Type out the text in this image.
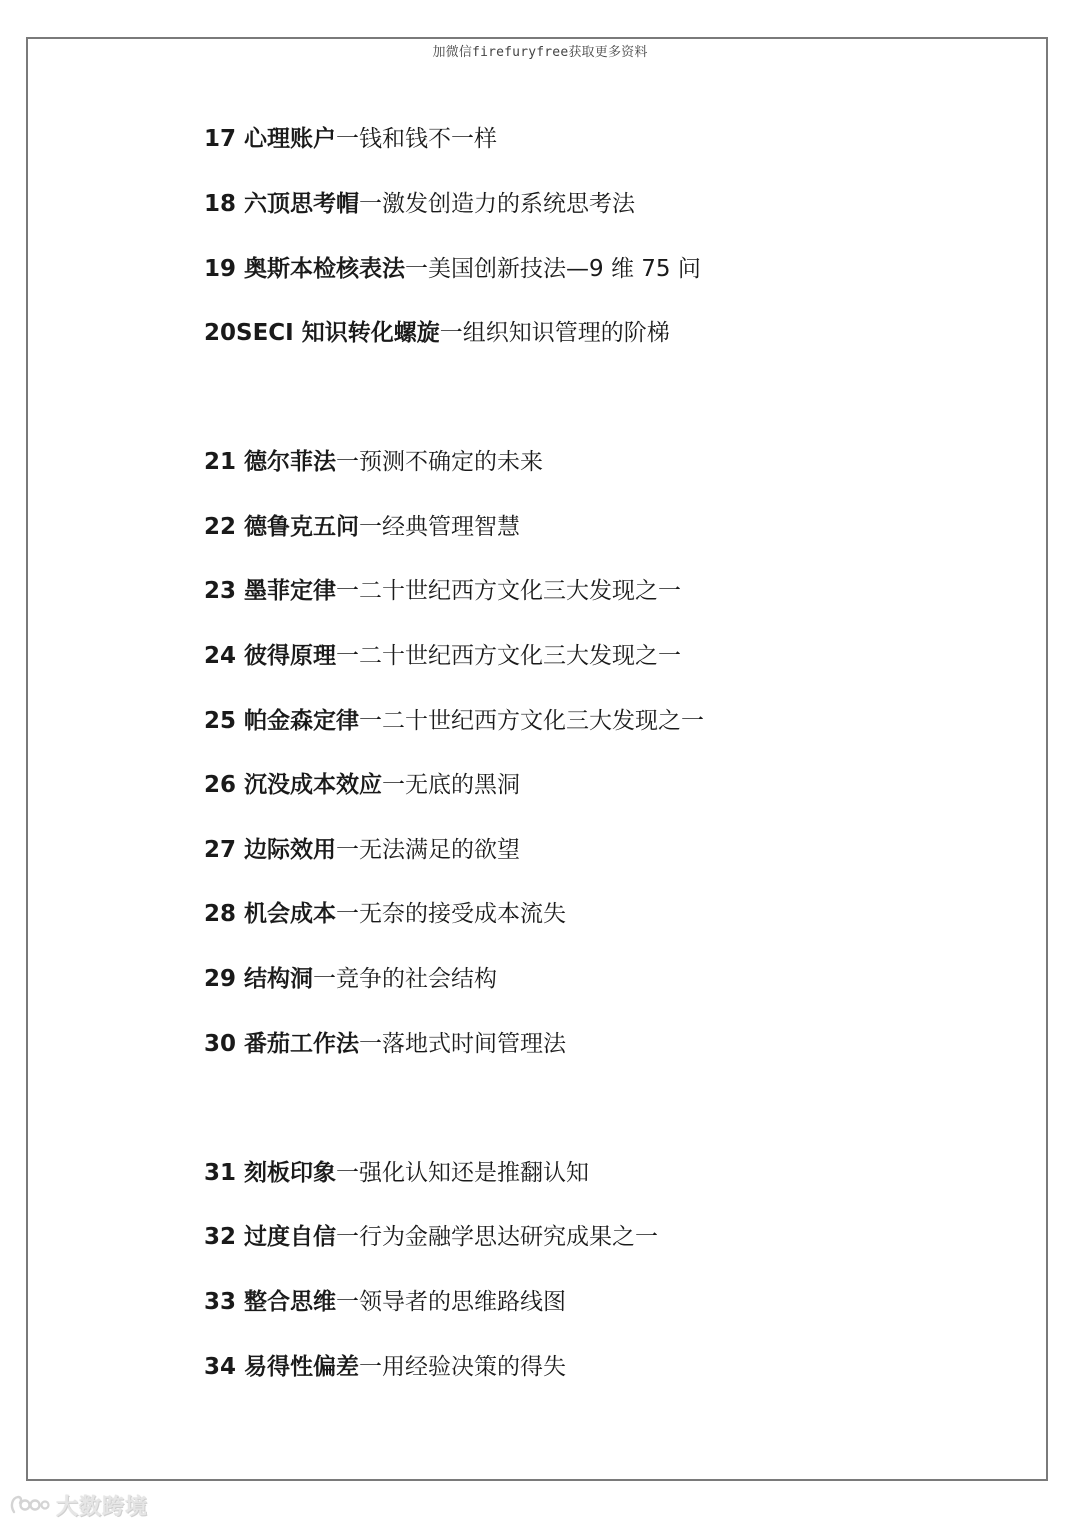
加微信firefuryfree获取更多资料
17 心理账户一钱和钱不一样
18 六顶思考帽一激发创造力的系统思考法
19 奥斯本检核表法一美国创新技法—9 维 75 问
20SECI 知识转化螺旋一组织知识管理的阶梯
21 德尔菲法一预测不确定的未来
22 德鲁克五问一经典管理智慧
23 墨菲定律一二十世纪西方文化三大发现之一
24 彼得原理一二十世纪西方文化三大发现之一
25 帕金森定律一二十世纪西方文化三大发现之一
26 沉没成本效应一无底的黑洞
27 边际效用一无法满足的欲望
28 机会成本一无奈的接受成本流失
29 结构洞一竞争的社会结构
30 番茄工作法一落地式时间管理法
31 刻板印象一强化认知还是推翻认知
32 过度自信一行为金融学思达研究成果之一
33 整合思维一领导者的思维路线图
34 易得性偏差一用经验决策的得失
大数跨境
